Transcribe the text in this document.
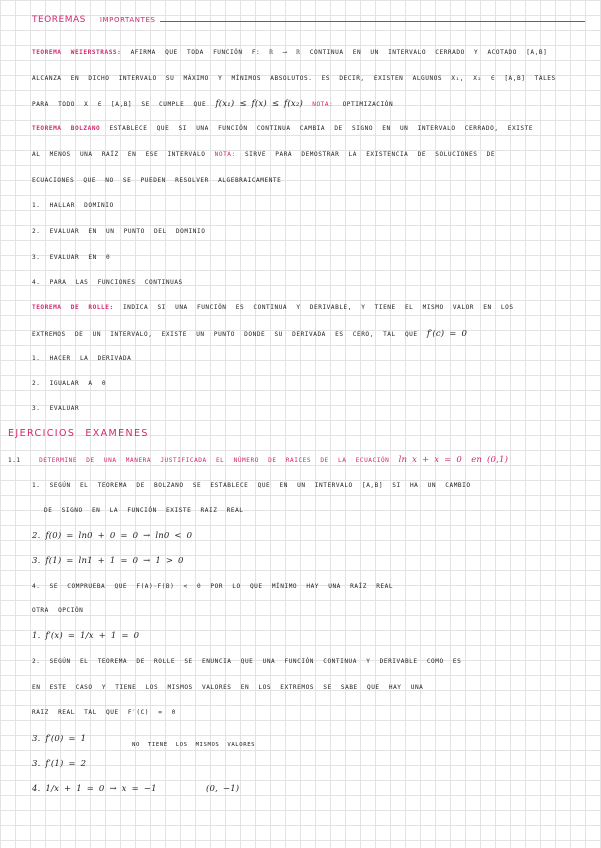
TEOREMAS IMPORTANTES
TEOREMA WEIERSTRASS: AFIRMA QUE TODA FUNCIÓN F: ℝ ⟶ ℝ CONTINUA EN UN INTERVALO CERRADO Y ACOTADO [A,B]
ALCANZA EN DICHO INTERVALO SU MÁXIMO Y MÍNIMOS ABSOLUTOS. ES DECIR, EXISTEN ALGUNOS X₁, X₂ ∈ [A,B] TALES
PARA TODO X ∈ [A,B] SE CUMPLE QUE f(x₁) ≤ f(x) ≤ f(x₂) NOTA: OPTIMIZACIÓN
TEOREMA BOLZANO ESTABLECE QUE SI UNA FUNCIÓN CONTINUA CAMBIA DE SIGNO EN UN INTERVALO CERRADO, EXISTE
AL MENOS UNA RAÍZ EN ESE INTERVALO NOTA: SIRVE PARA DEMOSTRAR LA EXISTENCIA DE SOLUCIONES DE
ECUACIONES QUE NO SE PUEDEN RESOLVER ALGEBRAICAMENTE
1. HALLAR DOMINIO
2. EVALUAR EN UN PUNTO DEL DOMINIO
3. EVALUAR EN 0
4. PARA LAS FUNCIONES CONTINUAS
TEOREMA DE ROLLE: INDICA SI UNA FUNCIÓN ES CONTINUA Y DERIVABLE, Y TIENE EL MISMO VALOR EN LOS
EXTREMOS DE UN INTERVALO, EXISTE UN PUNTO DONDE SU DERIVADA ES CERO, TAL QUE f′(c) = 0
1. HACER LA DERIVADA
2. IGUALAR A 0
3. EVALUAR
EJERCICIOS EXAMENES
1.1	DETERMINE DE UNA MANERA JUSTIFICADA EL NÚMERO DE RAICES DE LA ECUACIÓN ln x + x = 0 en (0,1)
1. SEGÚN EL TEOREMA DE BOLZANO SE ESTABLECE QUE EN UN INTERVALO [A,B] SI HA UN CAMBIO
DE SIGNO EN LA FUNCIÓN EXISTE RAIZ REAL
2. f(0) = ln0 + 0 = 0 → ln0 < 0
3. f(1) = ln1 + 1 = 0 → 1 > 0
4. SE COMPRUEBA QUE F(A)·F(B) < 0 POR LO QUE MÍNIMO HAY UNA RAÍZ REAL
OTRA OPCIÓN
1. f′(x) = 1/x + 1 = 0
2. SEGÚN EL TEOREMA DE ROLLE SE ENUNCIA QUE UNA FUNCIÓN CONTINUA Y DERIVABLE COMO ES
EN ESTE CASO Y TIENE LOS MISMOS VALORES EN LOS EXTREMOS SE SABE QUE HAY UNA
RAIZ REAL TAL QUE F′(C) = 0
3. f′(0) = 1
NO TIENE LOS MISMOS VALORES
3. f′(1) = 2
4. 1/x + 1 = 0 → x = −1	(0, −1)
